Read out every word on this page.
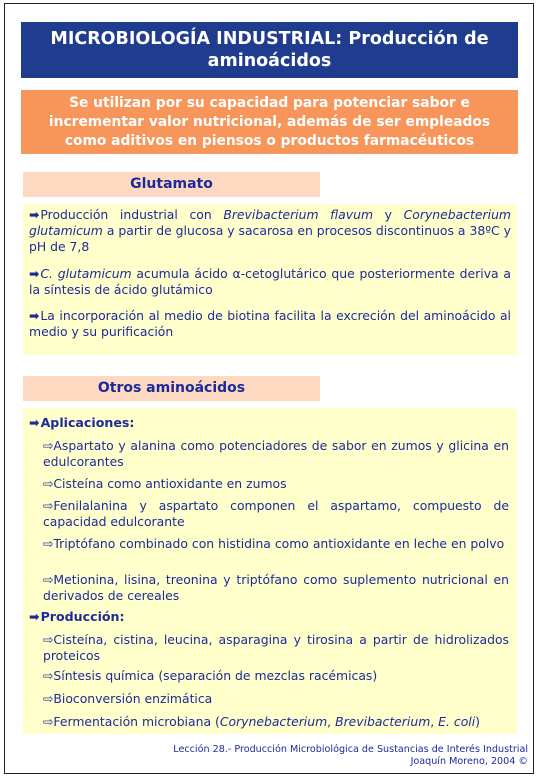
MICROBIOLOGÍA INDUSTRIAL: Producción de aminoácidos
Se utilizan por su capacidad para potenciar sabor e incrementar valor nutricional, además de ser empleados como aditivos en piensos o productos farmacéuticos
Glutamato
➡Producción industrial con Brevibacterium flavum y Corynebacterium glutamicum a partir de glucosa y sacarosa en procesos discontinuos a 38ºC y pH de 7,8
➡C. glutamicum acumula ácido α-cetoglutárico que posteriormente deriva a la síntesis de ácido glutámico
➡La incorporación al medio de biotina facilita la excreción del aminoácido al medio y su purificación
Otros aminoácidos
➡Aplicaciones:
⇨Aspartato y alanina como potenciadores de sabor en zumos y glicina en edulcorantes
⇨Cisteína como antioxidante en zumos
⇨Fenilalanina y aspartato componen el aspartamo, compuesto de capacidad edulcorante
⇨Triptófano combinado con histidina como antioxidante en leche en polvo
⇨Metionina, lisina, treonina y triptófano como suplemento nutricional en derivados de cereales
➡Producción:
⇨Cisteína, cistina, leucina, asparagina y tirosina a partir de hidrolizados proteicos
⇨Síntesis química (separación de mezclas racémicas)
⇨Bioconversión enzimática
⇨Fermentación microbiana (Corynebacterium, Brevibacterium, E. coli)
Lección 28.- Producción Microbiológica de Sustancias de Interés Industrial
Joaquín Moreno, 2004 ©
